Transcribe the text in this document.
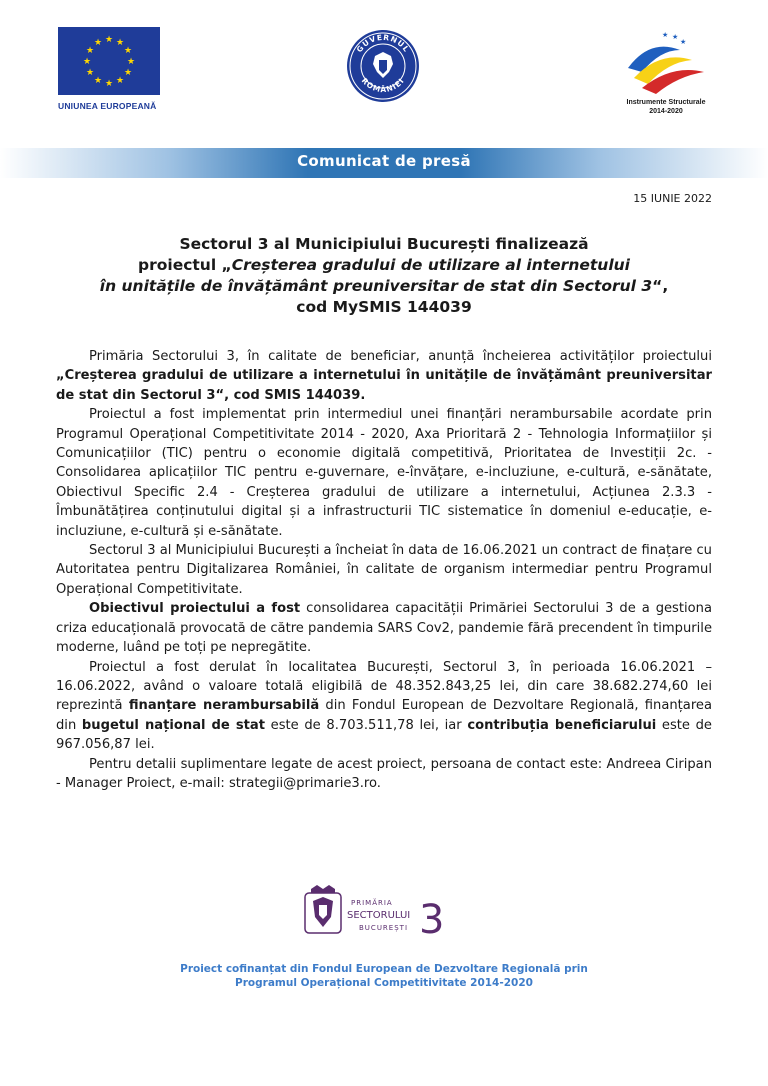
★ ★
★
★
★
★
★
★
★
★
★
★
UNIUNEA EUROPEANĂ
GUVERNUL
ROMÂNIEI
★ ★
★
Instrumente Structurale
2014-2020
Comunicat de presă
15 IUNIE 2022
Sectorul 3 al Municipiului București finalizează
proiectul „Creșterea gradului de utilizare al internetului
în unitățile de învățământ preuniversitar de stat din Sectorul 3“,
cod MySMIS 144039

Primăria Sectorului 3, în calitate de beneficiar, anunță încheierea activităților proiectului „Creșterea gradului de utilizare a internetului în unitățile de învățământ preuniversitar de stat din Sectorul 3“, cod SMIS 144039.

Proiectul a fost implementat prin intermediul unei finanțări nerambursabile acordate prin Programul Operațional Competitivitate 2014 - 2020, Axa Prioritară 2 - Tehnologia Informațiilor și Comunicațiilor (TIC) pentru o economie digitală competitivă, Prioritatea de Investiții 2c. - Consolidarea aplicațiilor TIC pentru e-guvernare, e-învățare, e-incluziune, e-cultură, e-sănătate, Obiectivul Specific 2.4 - Creșterea gradului de utilizare a internetului, Acțiunea 2.3.3 - Îmbunătățirea conținutului digital și a infrastructurii TIC sistematice în domeniul e-educație, e-incluziune, e-cultură și e-sănătate.

Sectorul 3 al Municipiului București a încheiat în data de 16.06.2021 un contract de finațare cu Autoritatea pentru Digitalizarea României, în calitate de organism intermediar pentru Programul Operațional Competitivitate.

Obiectivul proiectului a fost consolidarea capacității Primăriei Sectorului 3 de a gestiona criza educațională provocată de către pandemia SARS Cov2, pandemie fără precendent în timpurile moderne, luând pe toți pe nepregătite.

Proiectul a fost derulat în localitatea București, Sectorul 3, în perioada 16.06.2021 – 16.06.2022, având o valoare totală eligibilă de 48.352.843,25 lei, din care 38.682.274,60 lei reprezintă finanțare nerambursabilă din Fondul European de Dezvoltare Regională, finanțarea din bugetul național de stat este de 8.703.511,78 lei, iar contribuția beneficiarului este de 967.056,87 lei.

Pentru detalii suplimentare legate de acest proiect, persoana de contact este: Andreea Ciripan - Manager Proiect, e-mail: strategii@primarie3.ro.

PRIMĂRIA
SECTORULUI
BUCUREȘTI 3
Proiect cofinanțat din Fondul European de Dezvoltare Regională prin
Programul Operațional Competitivitate 2014-2020
